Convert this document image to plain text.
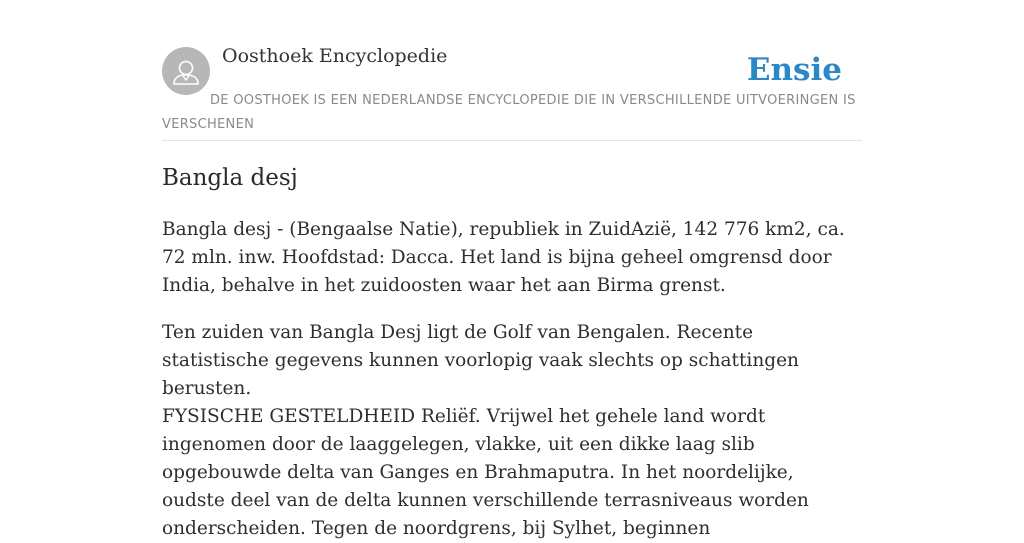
Oosthoek Encyclopedie	Ensie
DE OOSTHOEK IS EEN NEDERLANDSE ENCYCLOPEDIE DIE IN VERSCHILLENDE UITVOERINGEN IS VERSCHENEN
Bangla desj

Bangla desj - (Bengaalse Natie), republiek in ZuidAzië, 142 776 km2, ca. 72 mln. inw. Hoofdstad: Dacca. Het land is bijna geheel omgrensd door India, behalve in het zuidoosten waar het aan Birma grenst.

Ten zuiden van Bangla Desj ligt de Golf van Bengalen. Recente statistische gegevens kunnen voorlopig vaak slechts op schattingen berusten.

FYSISCHE GESTELDHEID Reliëf. Vrijwel het gehele land wordt ingenomen door de laaggelegen, vlakke, uit een dikke laag slib opgebouwde delta van Ganges en Brahmaputra. In het noordelijke, oudste deel van de delta kunnen verschillende terrasniveaus worden onderscheiden. Tegen de noordgrens, bij Sylhet, beginnen
